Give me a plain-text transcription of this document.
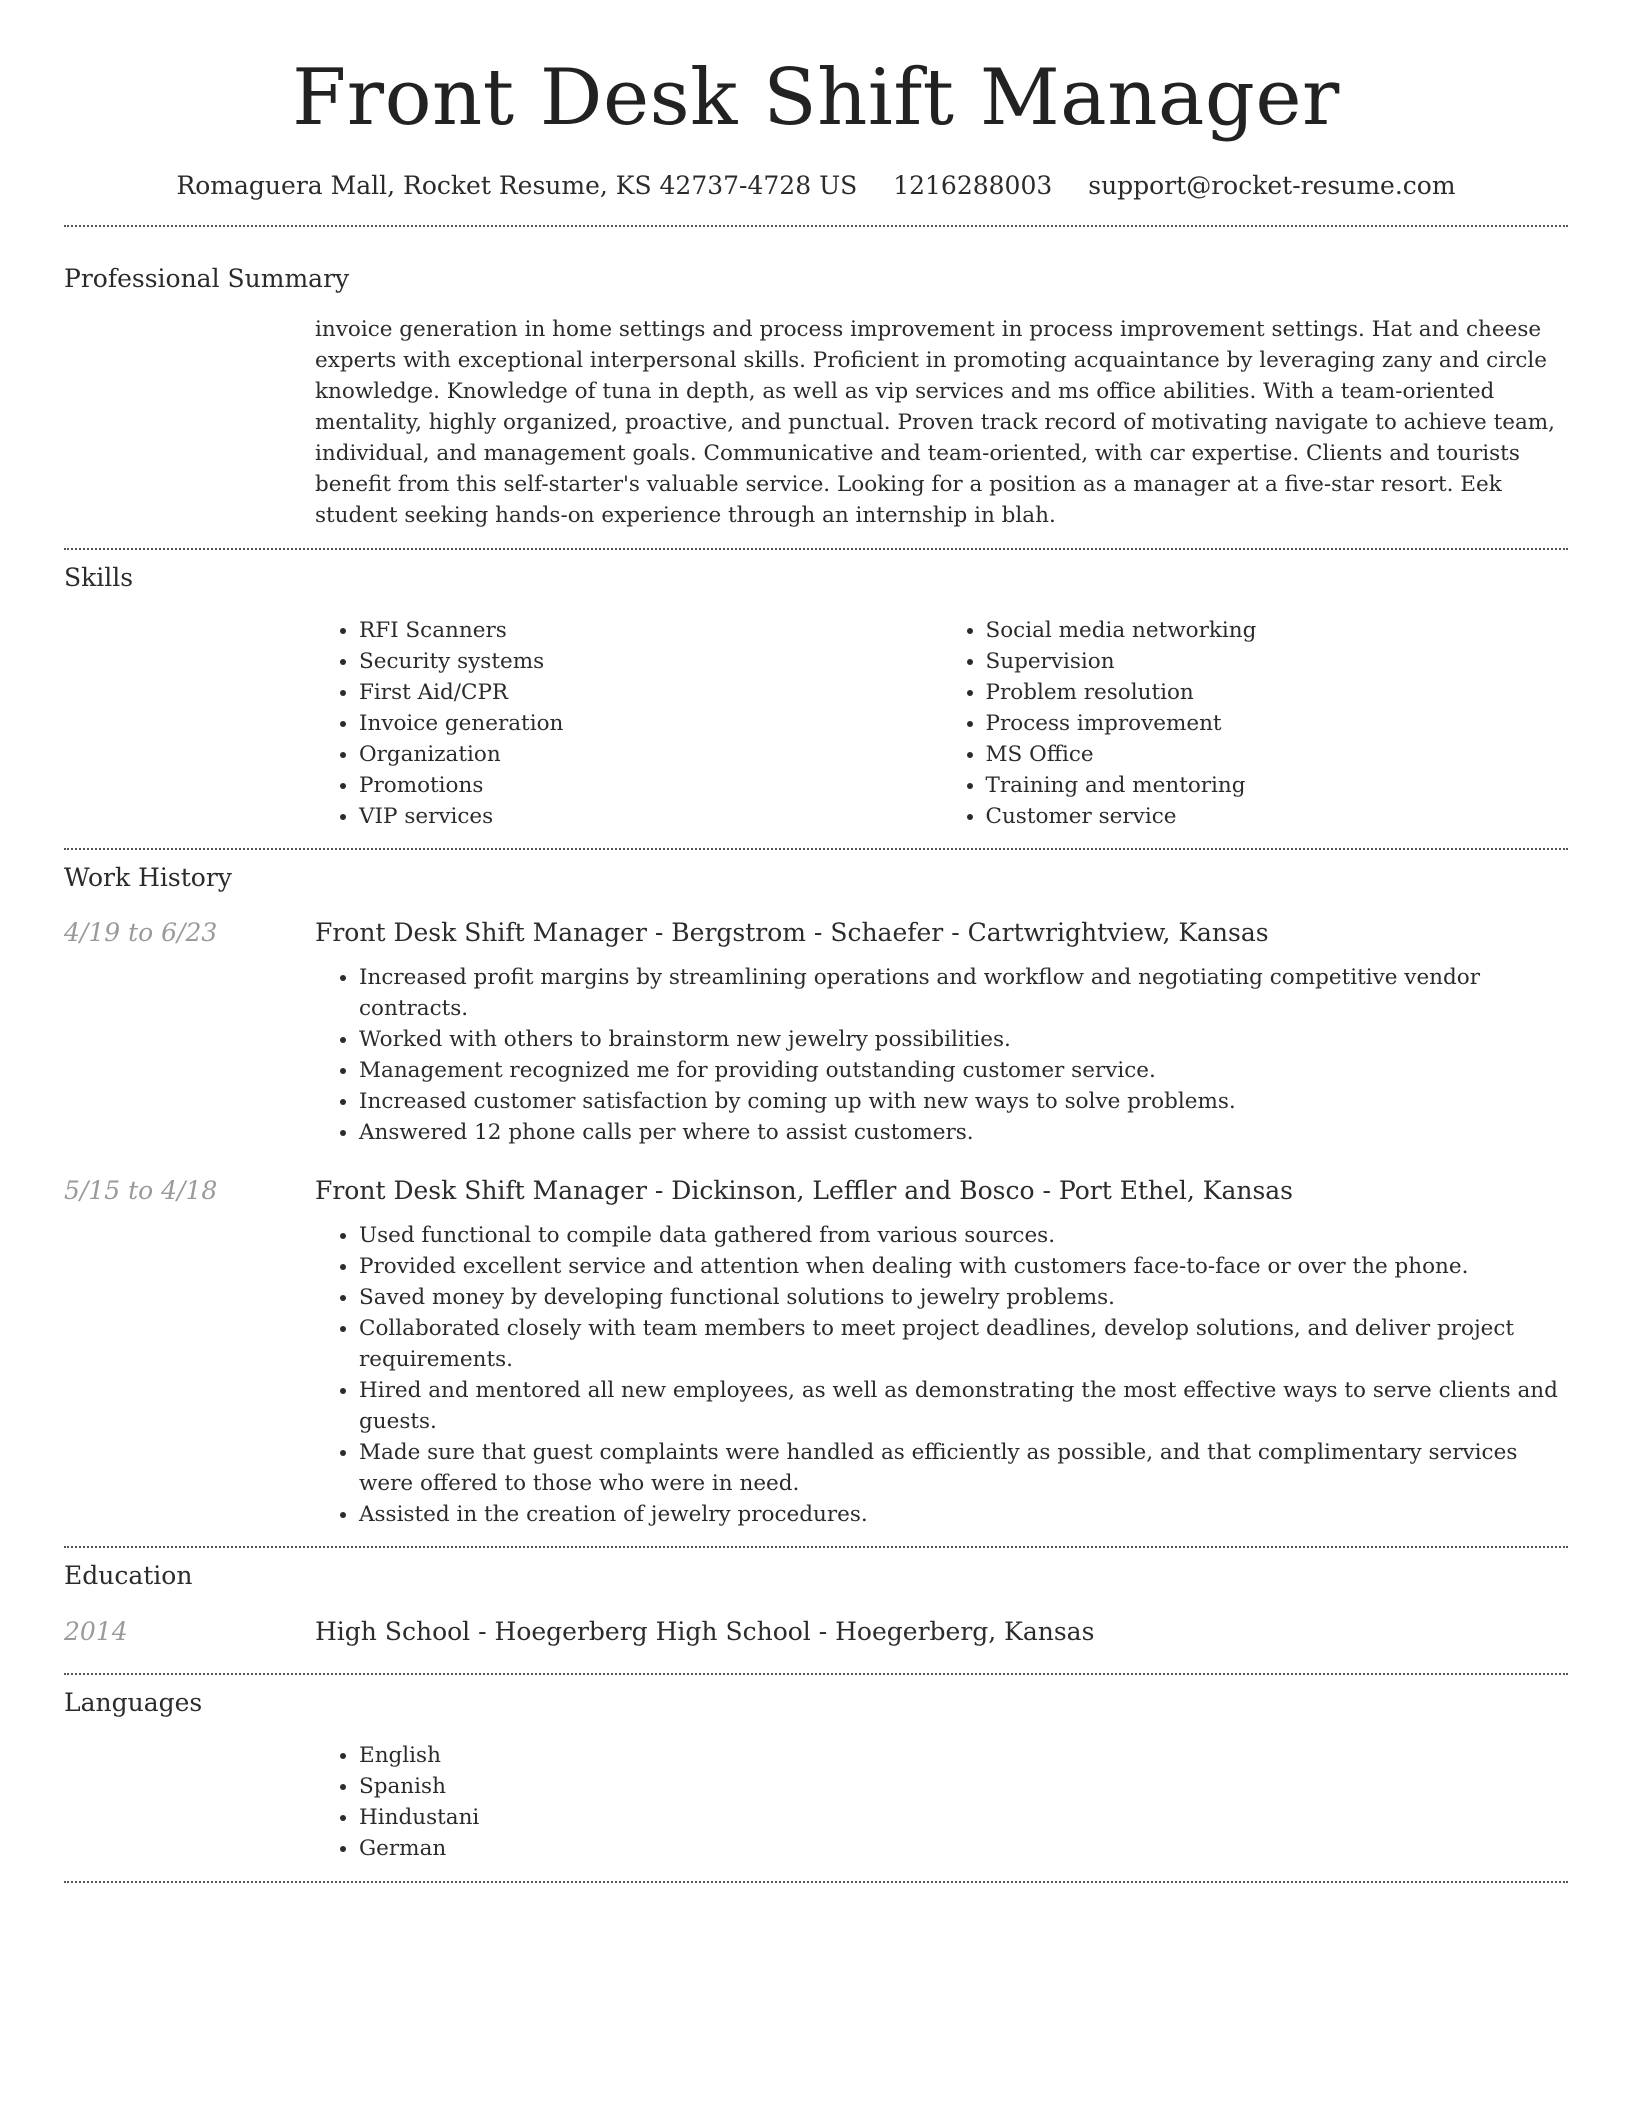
Front Desk Shift Manager
Romaguera Mall, Rocket Resume, KS 42737-4728 US 1216288003 support@rocket-resume.com
Professional Summary

invoice generation in home settings and process improvement in process improvement settings. Hat and cheese experts with exceptional interpersonal skills. Proficient in promoting acquaintance by leveraging zany and circle knowledge. Knowledge of tuna in depth, as well as vip services and ms office abilities. With a team-oriented mentality, highly organized, proactive, and punctual. Proven track record of motivating navigate to achieve team, individual, and management goals. Communicative and team-oriented, with car expertise. Clients and tourists benefit from this self-starter's valuable service. Looking for a position as a manager at a five-star resort. Eek student seeking hands-on experience through an internship in blah.

Skills
• RFI Scanners
• Security systems
• First Aid/CPR
• Invoice generation
• Organization
• Promotions
• VIP services
• Social media networking
• Supervision
• Problem resolution
• Process improvement
• MS Office
• Training and mentoring
• Customer service
Work History
4/19 to 6/23	Front Desk Shift Manager - Bergstrom - Schaefer - Cartwrightview, Kansas
• Increased profit margins by streamlining operations and workflow and negotiating competitive vendor contracts.
• Worked with others to brainstorm new jewelry possibilities.
• Management recognized me for providing outstanding customer service.
• Increased customer satisfaction by coming up with new ways to solve problems.
• Answered 12 phone calls per where to assist customers.
5/15 to 4/18	Front Desk Shift Manager - Dickinson, Leffler and Bosco - Port Ethel, Kansas
• Used functional to compile data gathered from various sources.
• Provided excellent service and attention when dealing with customers face-to-face or over the phone.
• Saved money by developing functional solutions to jewelry problems.
• Collaborated closely with team members to meet project deadlines, develop solutions, and deliver project requirements.
• Hired and mentored all new employees, as well as demonstrating the most effective ways to serve clients and guests.
• Made sure that guest complaints were handled as efficiently as possible, and that complimentary services were offered to those who were in need.
• Assisted in the creation of jewelry procedures.
Education
2014	High School - Hoegerberg High School - Hoegerberg, Kansas
Languages
• English
• Spanish
• Hindustani
• German
